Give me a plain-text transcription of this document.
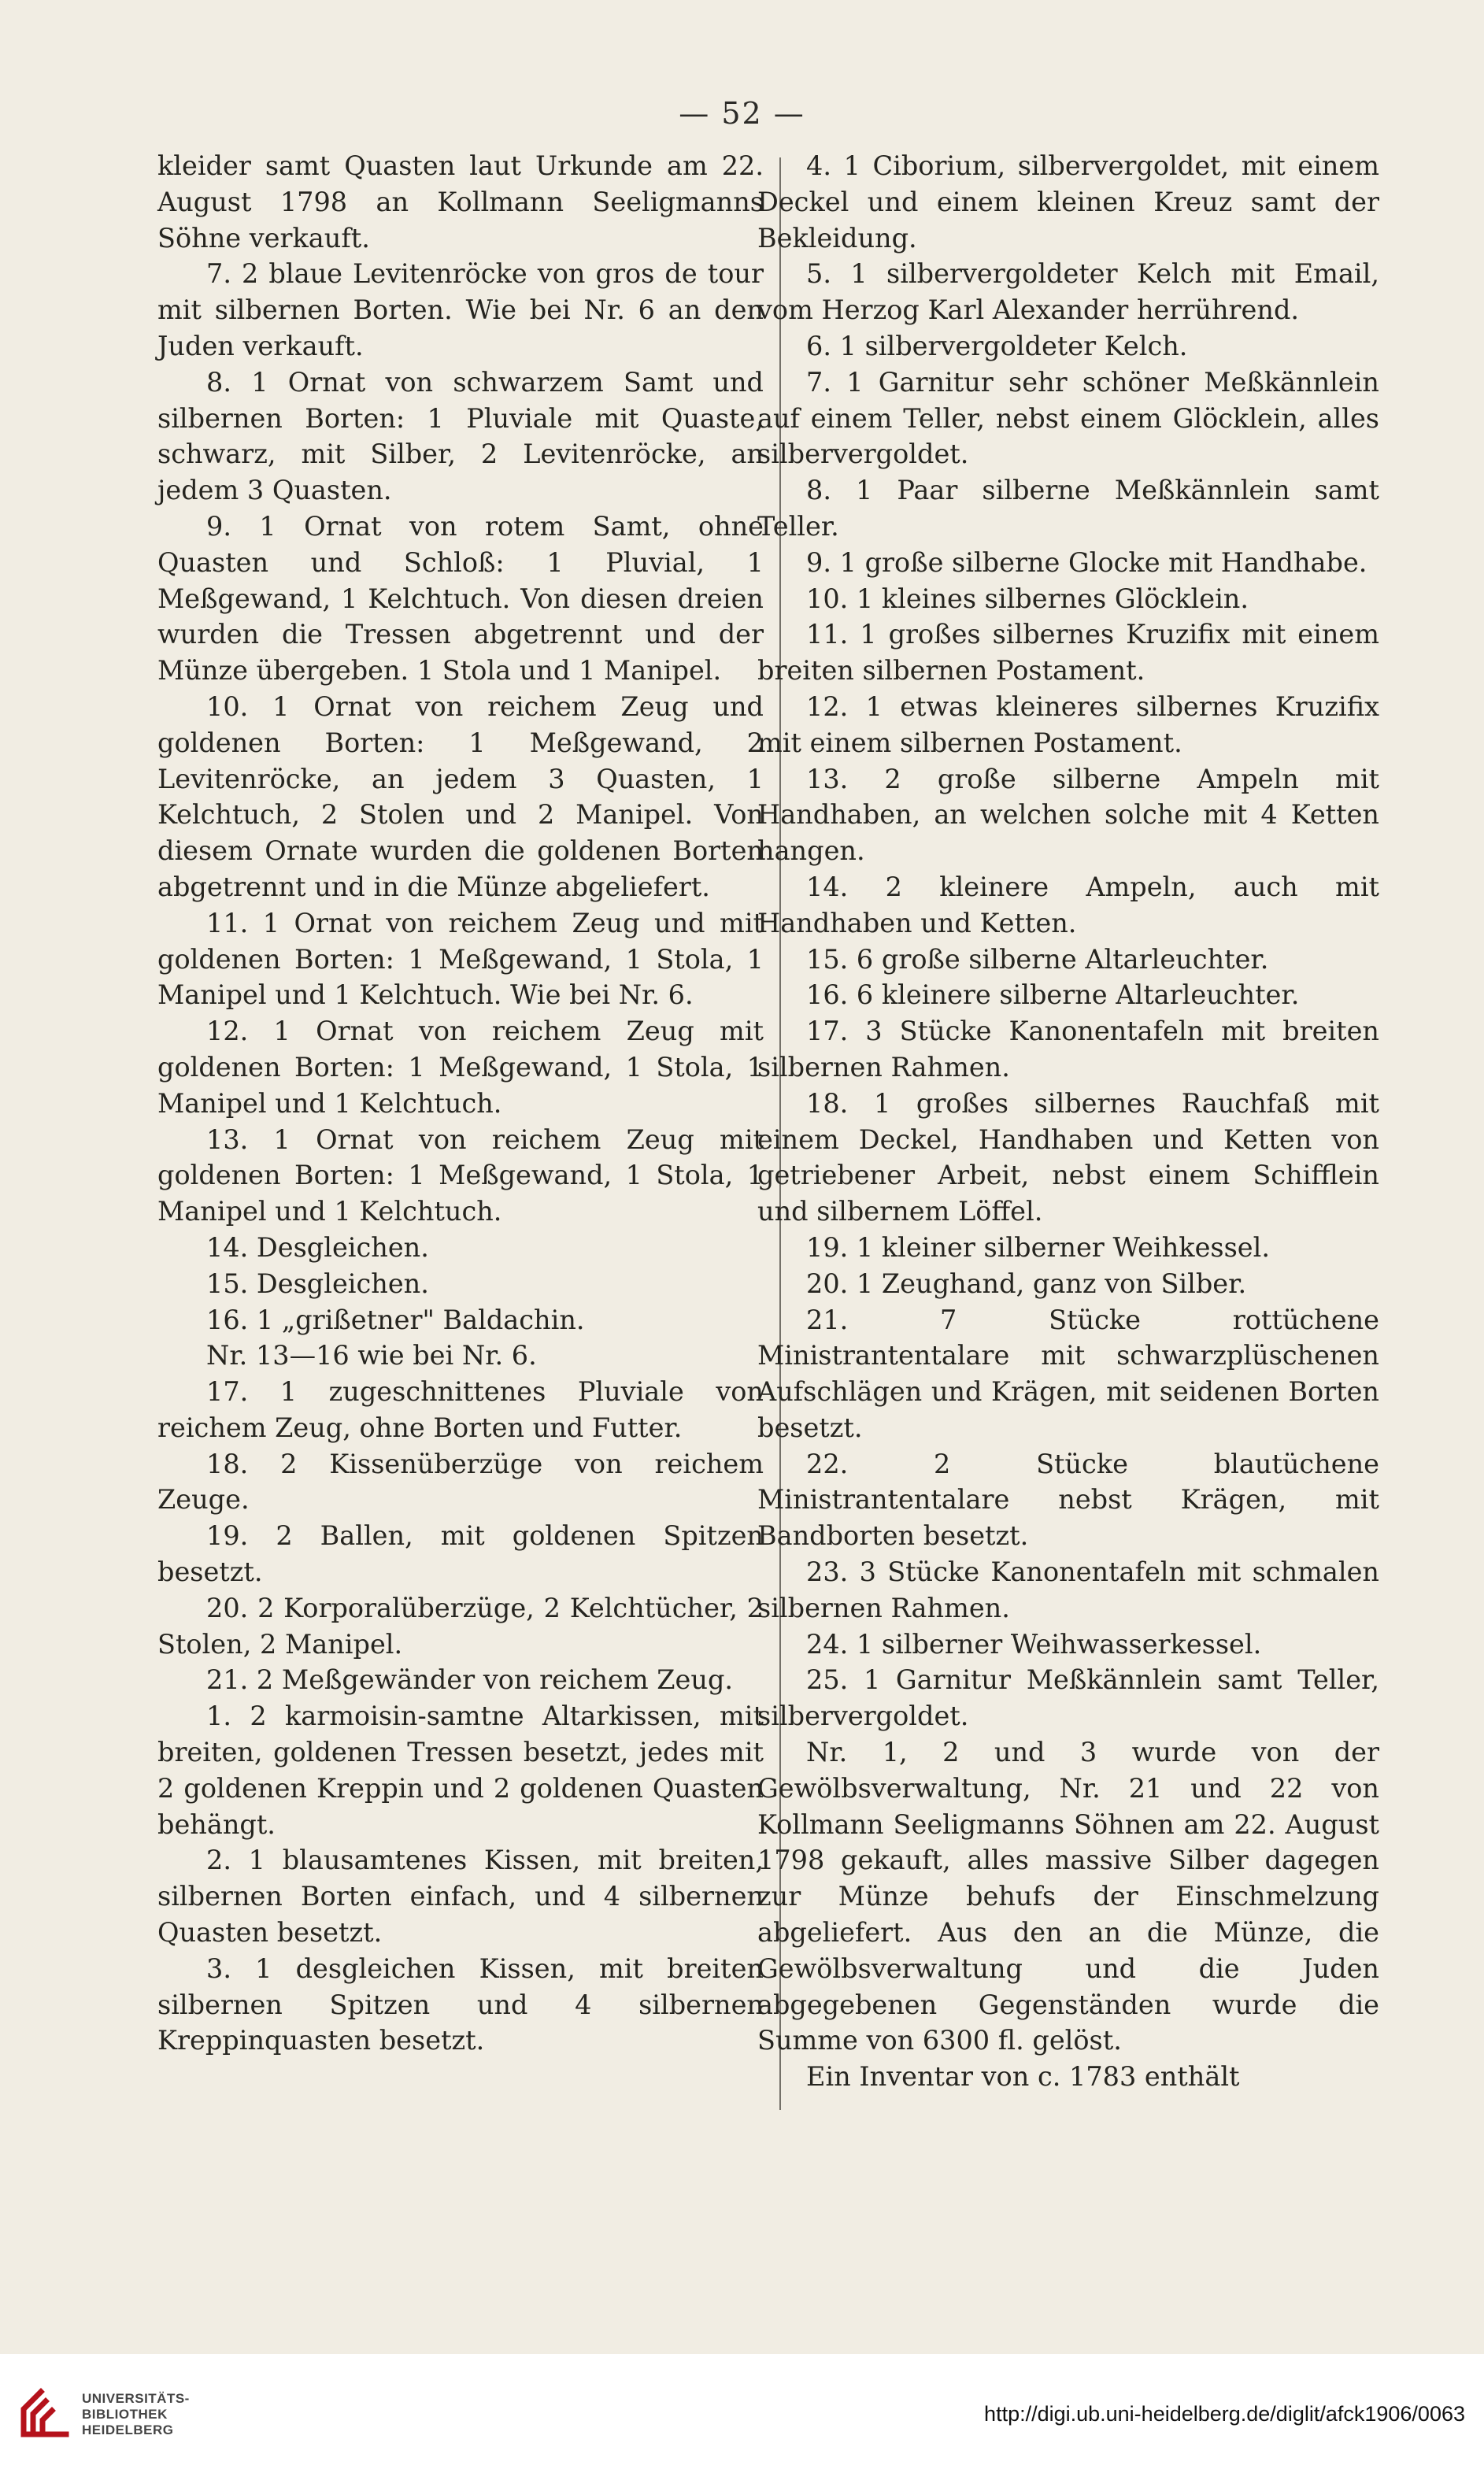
— 52 —

kleider samt Quasten laut Urkunde am 22. August 1798 an Kollmann Seeligmanns Söhne verkauft.

7. 2 blaue Levitenröcke von gros de tour mit silbernen Borten. Wie bei Nr. 6 an den Juden verkauft.

8. 1 Ornat von schwarzem Samt und silbernen Borten: 1 Pluviale mit Quaste, schwarz, mit Silber, 2 Levitenröcke, an jedem 3 Quasten.

9. 1 Ornat von rotem Samt, ohne Quasten und Schloß: 1 Pluvial, 1 Meßgewand, 1 Kelchtuch. Von diesen dreien wurden die Tressen abgetrennt und der Münze übergeben. 1 Stola und 1 Manipel.

10. 1 Ornat von reichem Zeug und goldenen Borten: 1 Meßgewand, 2 Levitenröcke, an jedem 3 Quasten, 1 Kelchtuch, 2 Stolen und 2 Manipel. Von diesem Ornate wurden die goldenen Borten abgetrennt und in die Münze abgeliefert.

11. 1 Ornat von reichem Zeug und mit goldenen Borten: 1 Meßgewand, 1 Stola, 1 Manipel und 1 Kelchtuch. Wie bei Nr. 6.

12. 1 Ornat von reichem Zeug mit goldenen Borten: 1 Meßgewand, 1 Stola, 1 Manipel und 1 Kelchtuch.

13. 1 Ornat von reichem Zeug mit goldenen Borten: 1 Meßgewand, 1 Stola, 1 Manipel und 1 Kelchtuch.

14. Desgleichen.

15. Desgleichen.

16. 1 „grißetner" Baldachin.

Nr. 13—16 wie bei Nr. 6.

17. 1 zugeschnittenes Pluviale von reichem Zeug, ohne Borten und Futter.

18. 2 Kissenüberzüge von reichem Zeuge.

19. 2 Ballen, mit goldenen Spitzen besetzt.

20. 2 Korporalüberzüge, 2 Kelchtücher, 2 Stolen, 2 Manipel.

21. 2 Meßgewänder von reichem Zeug.

1. 2 karmoisin-samtne Altarkissen, mit breiten, goldenen Tressen besetzt, jedes mit 2 goldenen Kreppin und 2 goldenen Quasten behängt.

2. 1 blausamtenes Kissen, mit breiten, silbernen Borten einfach, und 4 silbernen Quasten besetzt.

3. 1 desgleichen Kissen, mit breiten silbernen Spitzen und 4 silbernen Kreppinquasten besetzt.

4. 1 Ciborium, silbervergoldet, mit einem Deckel und einem kleinen Kreuz samt der Bekleidung.

5. 1 silbervergoldeter Kelch mit Email, vom Herzog Karl Alexander herrührend.

6. 1 silbervergoldeter Kelch.

7. 1 Garnitur sehr schöner Meßkännlein auf einem Teller, nebst einem Glöcklein, alles silbervergoldet.

8. 1 Paar silberne Meßkännlein samt Teller.

9. 1 große silberne Glocke mit Handhabe.

10. 1 kleines silbernes Glöcklein.

11. 1 großes silbernes Kruzifix mit einem breiten silbernen Postament.

12. 1 etwas kleineres silbernes Kruzifix mit einem silbernen Postament.

13. 2 große silberne Ampeln mit Handhaben, an welchen solche mit 4 Ketten hangen.

14. 2 kleinere Ampeln, auch mit Handhaben und Ketten.

15. 6 große silberne Altarleuchter.

16. 6 kleinere silberne Altarleuchter.

17. 3 Stücke Kanonentafeln mit breiten silbernen Rahmen.

18. 1 großes silbernes Rauchfaß mit einem Deckel, Handhaben und Ketten von getriebener Arbeit, nebst einem Schifflein und silbernem Löffel.

19. 1 kleiner silberner Weihkessel.

20. 1 Zeughand, ganz von Silber.

21. 7 Stücke rottüchene Ministrantentalare mit schwarzplüschenen Aufschlägen und Krägen, mit seidenen Borten besetzt.

22. 2 Stücke blautüchene Ministrantentalare nebst Krägen, mit Bandborten besetzt.

23. 3 Stücke Kanonentafeln mit schmalen silbernen Rahmen.

24. 1 silberner Weihwasserkessel.

25. 1 Garnitur Meßkännlein samt Teller, silbervergoldet.

Nr. 1, 2 und 3 wurde von der Gewölbsverwaltung, Nr. 21 und 22 von Kollmann Seeligmanns Söhnen am 22. August 1798 gekauft, alles massive Silber dagegen zur Münze behufs der Einschmelzung abgeliefert. Aus den an die Münze, die Gewölbsverwaltung und die Juden abgegebenen Gegenständen wurde die Summe von 6300 fl. gelöst.

Ein Inventar von c. 1783 enthält

UNIVERSITÄTS-
BIBLIOTHEK
HEIDELBERG
http://digi.ub.uni-heidelberg.de/diglit/afck1906/0063
